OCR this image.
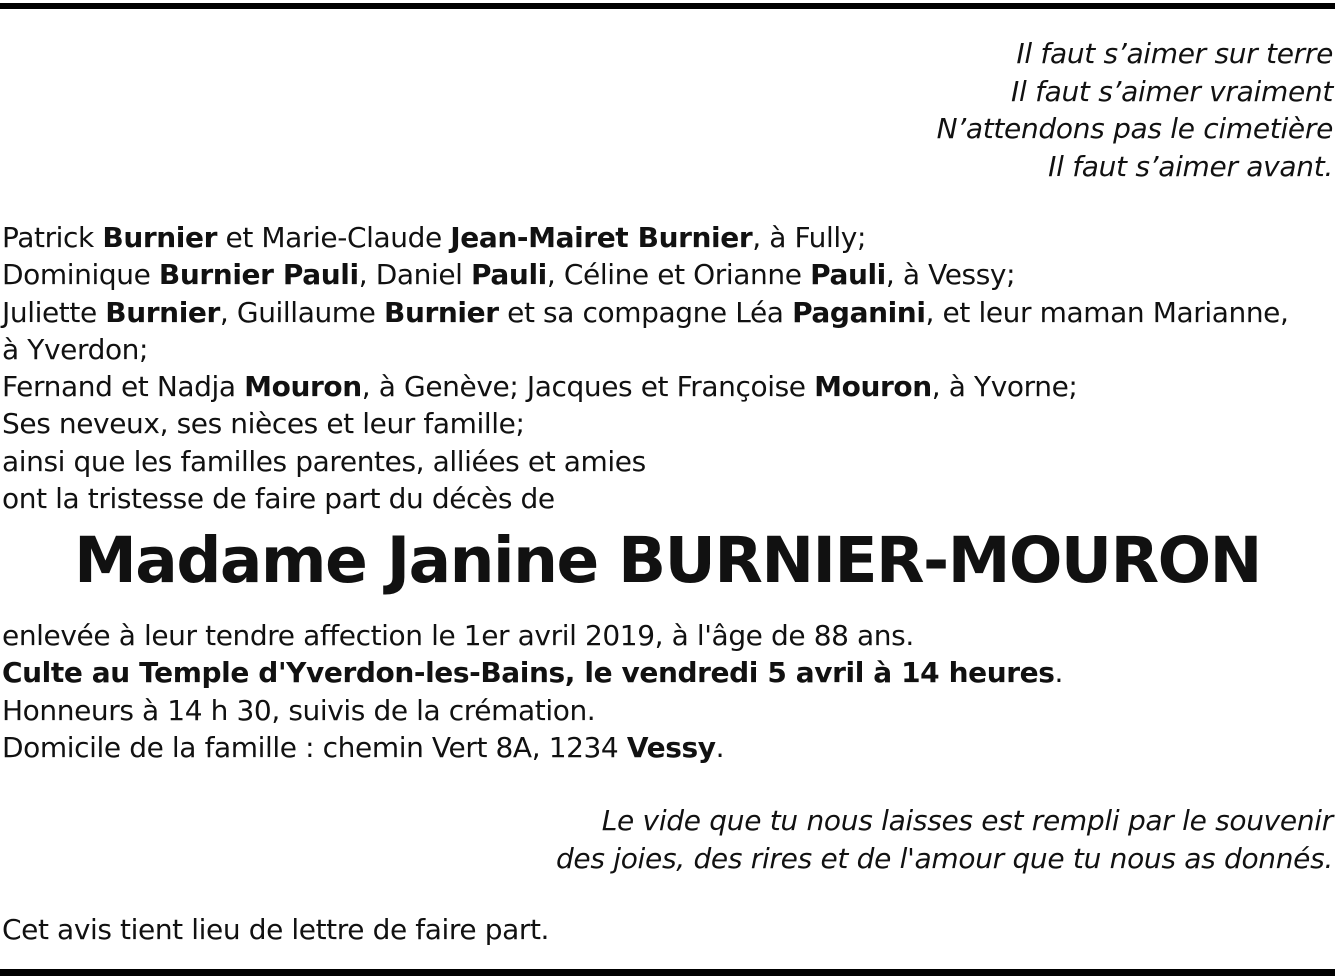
Il faut s’aimer sur terre
Il faut s’aimer vraiment
N’attendons pas le cimetière
Il faut s’aimer avant.
Patrick Burnier et Marie-Claude Jean-Mairet Burnier, à Fully;
Dominique Burnier Pauli, Daniel Pauli, Céline et Orianne Pauli, à Vessy;
Juliette Burnier, Guillaume Burnier et sa compagne Léa Paganini, et leur maman Marianne,
à Yverdon;
Fernand et Nadja Mouron, à Genève; Jacques et Françoise Mouron, à Yvorne;
Ses neveux, ses nièces et leur famille;
ainsi que les familles parentes, alliées et amies
ont la tristesse de faire part du décès de
Madame Janine BURNIER-MOURON
enlevée à leur tendre affection le 1er avril 2019, à l'âge de 88 ans.
Culte au Temple d'Yverdon-les-Bains, le vendredi 5 avril à 14 heures.
Honneurs à 14 h 30, suivis de la crémation.
Domicile de la famille : chemin Vert 8A, 1234 Vessy.
Le vide que tu nous laisses est rempli par le souvenir
des joies, des rires et de l'amour que tu nous as donnés.
Cet avis tient lieu de lettre de faire part.
